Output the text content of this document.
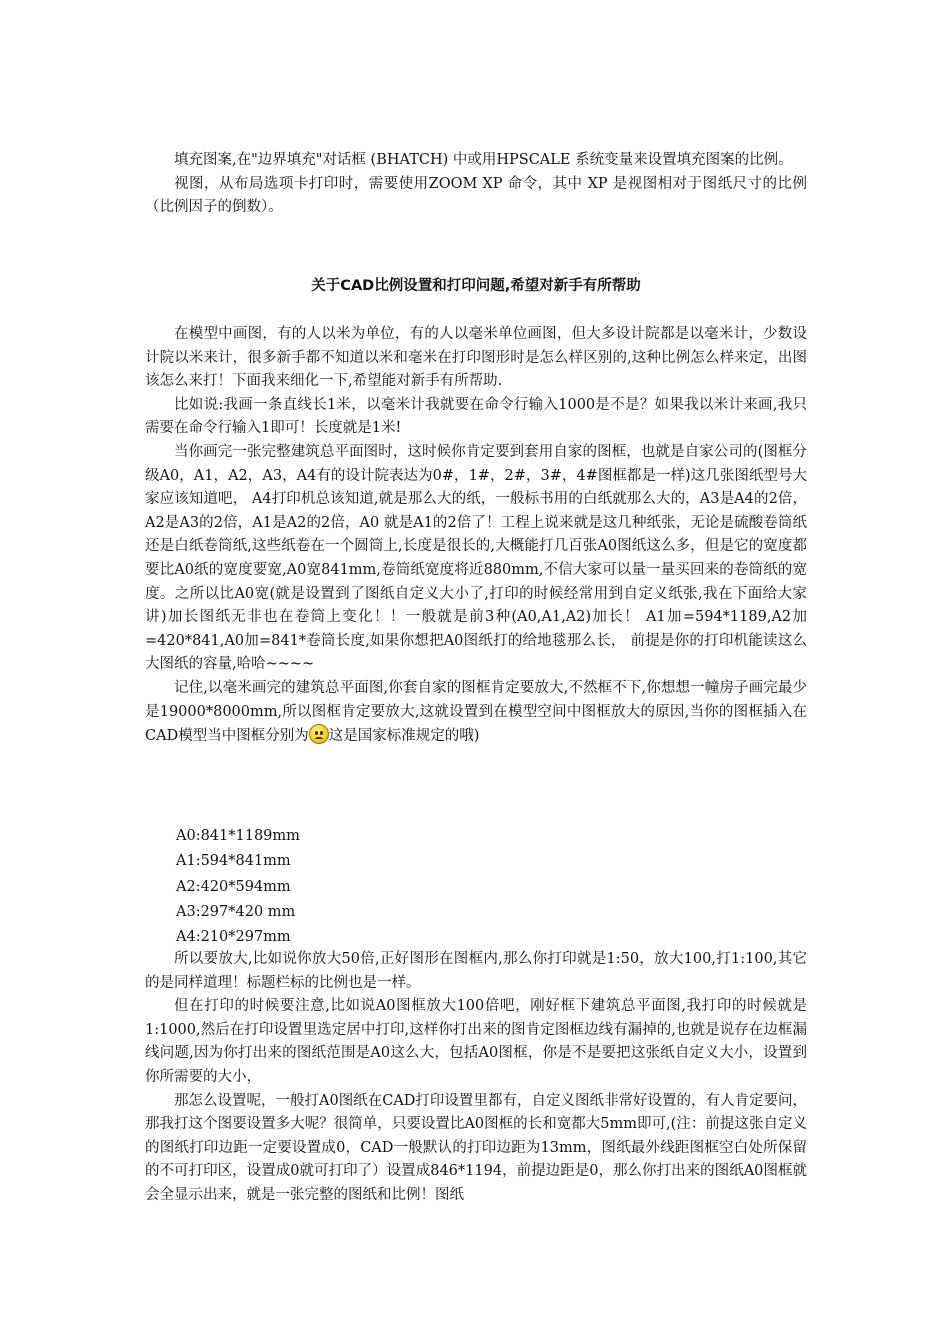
填充图案,在"边界填充"对话框 (BHATCH) 中或用HPSCALE 系统变量来设置填充图案的比例。

视图，从布局选项卡打印时，需要使用ZOOM XP 命令，其中 XP 是视图相对于图纸尺寸的比例（比例因子的倒数）。

关于CAD比例设置和打印问题,希望对新手有所帮助

在模型中画图，有的人以米为单位，有的人以毫米单位画图，但大多设计院都是以毫米计，少数设计院以米来计，很多新手都不知道以米和毫米在打印图形时是怎么样区别的,这种比例怎么样来定，出图该怎么来打！下面我来细化一下,希望能对新手有所帮助.

比如说:我画一条直线长1米，以毫米计我就要在命令行输入1000是不是？如果我以米计来画,我只需要在命令行输入1即可！长度就是1米!

当你画完一张完整建筑总平面图时，这时候你肯定要到套用自家的图框，也就是自家公司的(图框分级A0，A1，A2，A3，A4有的设计院表达为0#，1#，2#，3#，4#图框都是一样)这几张图纸型号大家应该知道吧， A4打印机总该知道,就是那么大的纸，一般标书用的白纸就那么大的，A3是A4的2倍，A2是A3的2倍，A1是A2的2倍，A0 就是A1的2倍了！工程上说来就是这几种纸张，无论是硫酸卷筒纸还是白纸卷筒纸,这些纸卷在一个圆筒上,长度是很长的,大概能打几百张A0图纸这么多，但是它的宽度都要比A0纸的宽度要宽,A0宽841mm,卷筒纸宽度将近880mm,不信大家可以量一量买回来的卷筒纸的宽度。之所以比A0宽(就是设置到了图纸自定义大小了,打印的时候经常用到自定义纸张,我在下面给大家讲)加长图纸无非也在卷筒上变化！！一般就是前3种(A0,A1,A2)加长！ A1加=594*1189,A2加=420*841,A0加=841*卷筒长度,如果你想把A0图纸打的给地毯那么长， 前提是你的打印机能读这么大图纸的容量,哈哈~~~~

记住,以毫米画完的建筑总平面图,你套自家的图框肯定要放大,不然框不下,你想想一幢房子画完最少是19000*8000mm,所以图框肯定要放大,这就设置到在模型空间中图框放大的原因,当你的图框插入在CAD模型当中图框分别为 这是国家标准规定的哦)

A0:841*1189mm
A1:594*841mm
A2:420*594mm
A3:297*420 mm
A4:210*297mm

所以要放大,比如说你放大50倍,正好图形在图框内,那么你打印就是1:50，放大100,打1:100,其它的是同样道理！标题栏标的比例也是一样。

但在打印的时候要注意,比如说A0图框放大100倍吧，刚好框下建筑总平面图,我打印的时候就是1:1000,然后在打印设置里选定居中打印,这样你打出来的图肯定图框边线有漏掉的,也就是说存在边框漏线问题,因为你打出来的图纸范围是A0这么大，包括A0图框，你是不是要把这张纸自定义大小，设置到你所需要的大小，

那怎么设置呢，一般打A0图纸在CAD打印设置里都有，自定义图纸非常好设置的，有人肯定要问，那我打这个图要设置多大呢？很简单，只要设置比A0图框的长和宽都大5mm即可,(注：前提这张自定义的图纸打印边距一定要设置成0，CAD一般默认的打印边距为13mm，图纸最外线距图框空白处所保留的不可打印区，设置成0就可打印了）设置成846*1194，前提边距是0，那么你打出来的图纸A0图框就会全显示出来，就是一张完整的图纸和比例！图纸
